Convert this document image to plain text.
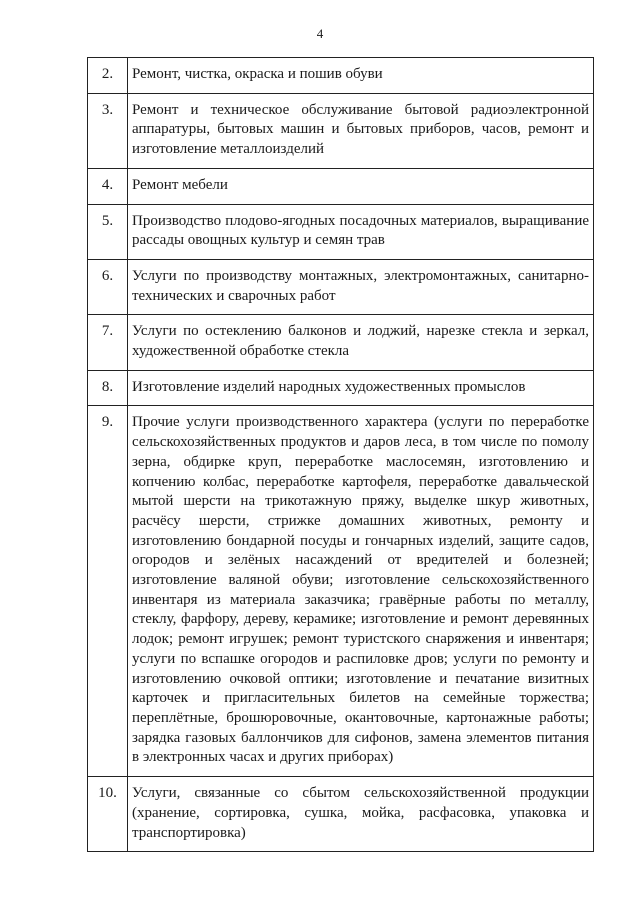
4
2.	Ремонт, чистка, окраска и пошив обуви
3.	Ремонт и техническое обслуживание бытовой радиоэлектронной аппаратуры, бытовых машин и бытовых приборов, часов, ремонт и изготовление металлоизделий
4.	Ремонт мебели
5.	Производство плодово-ягодных посадочных материалов, выращивание рассады овощных культур и семян трав
6.	Услуги по производству монтажных, электромонтажных, санитарно-технических и сварочных работ
7.	Услуги по остеклению балконов и лоджий, нарезке стекла и зеркал, художественной обработке стекла
8.	Изготовление изделий народных художественных промыслов
9.	Прочие услуги производственного характера (услуги по переработке сельскохозяйственных продуктов и даров леса, в том числе по помолу зерна, обдирке круп, переработке маслосемян, изготовлению и копчению колбас, переработке картофеля, переработке давальческой мытой шерсти на трикотажную пряжу, выделке шкур животных, расчёсу шерсти, стрижке домашних животных, ремонту и изготовлению бондарной посуды и гончарных изделий, защите садов, огородов и зелёных насаждений от вредителей и болезней; изготовление валяной обуви; изготовление сельскохозяйственного инвентаря из материала заказчика; гравёрные работы по металлу, стеклу, фарфору, дереву, керамике; изготовление и ремонт деревянных лодок; ремонт игрушек; ремонт туристского снаряжения и инвентаря; услуги по вспашке огородов и распиловке дров; услуги по ремонту и изготовлению очковой оптики; изготовление и печатание визитных карточек и пригласительных билетов на семейные торжества; переплётные, брошюровочные, окантовочные, картонажные работы; зарядка газовых баллончиков для сифонов, замена элементов питания в электронных часах и других приборах)
10.	Услуги, связанные со сбытом сельскохозяйственной продукции (хранение, сортировка, сушка, мойка, расфасовка, упаковка и транспортировка)
